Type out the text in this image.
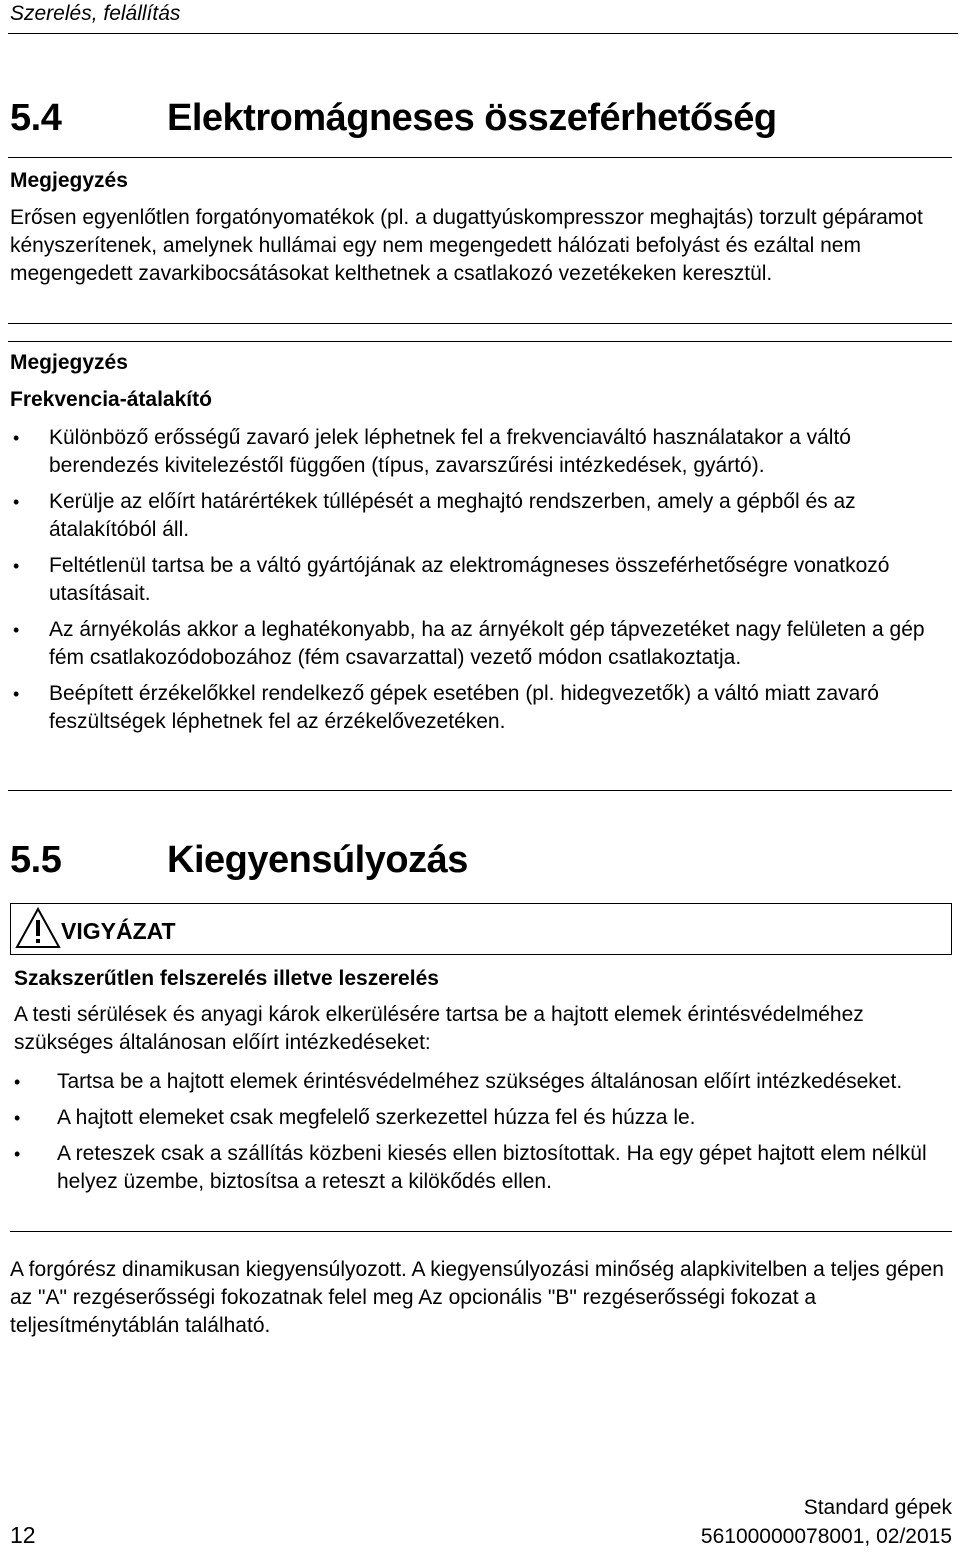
Szerelés, felállítás
5.4	Elektromágneses összeférhetőség
Megjegyzés
Erősen egyenlőtlen forgatónyomatékok (pl. a dugattyúskompresszor meghajtás) torzult gépáramot kényszerítenek, amelynek hullámai egy nem megengedett hálózati befolyást és ezáltal nem megengedett zavarkibocsátásokat kelthetnek a csatlakozó vezetékeken keresztül.
Megjegyzés
Frekvencia-átalakító
• Különböző erősségű zavaró jelek léphetnek fel a frekvenciaváltó használatakor a váltó berendezés kivitelezéstől függően (típus, zavarszűrési intézkedések, gyártó).
• Kerülje az előírt határértékek túllépését a meghajtó rendszerben, amely a gépből és az átalakítóból áll.
• Feltétlenül tartsa be a váltó gyártójának az elektromágneses összeférhetőségre vonatkozó utasításait.
• Az árnyékolás akkor a leghatékonyabb, ha az árnyékolt gép tápvezetéket nagy felületen a gép fém csatlakozódobozához (fém csavarzattal) vezető módon csatlakoztatja.
• Beépített érzékelőkkel rendelkező gépek esetében (pl. hidegvezetők) a váltó miatt zavaró feszültségek léphetnek fel az érzékelővezetéken.
5.5	Kiegyensúlyozás
VIGYÁZAT
Szakszerűtlen felszerelés illetve leszerelés
A testi sérülések és anyagi károk elkerülésére tartsa be a hajtott elemek érintésvédelméhez szükséges általánosan előírt intézkedéseket:
• Tartsa be a hajtott elemek érintésvédelméhez szükséges általánosan előírt intézkedéseket.
• A hajtott elemeket csak megfelelő szerkezettel húzza fel és húzza le.
• A reteszek csak a szállítás közbeni kiesés ellen biztosítottak. Ha egy gépet hajtott elem nélkül helyez üzembe, biztosítsa a reteszt a kilökődés ellen.
A forgórész dinamikusan kiegyensúlyozott. A kiegyensúlyozási minőség alapkivitelben a teljes gépen az "A" rezgéserősségi fokozatnak felel meg Az opcionális "B" rezgéserősségi fokozat a teljesítménytáblán található.
12
Standard gépek
56100000078001, 02/2015
